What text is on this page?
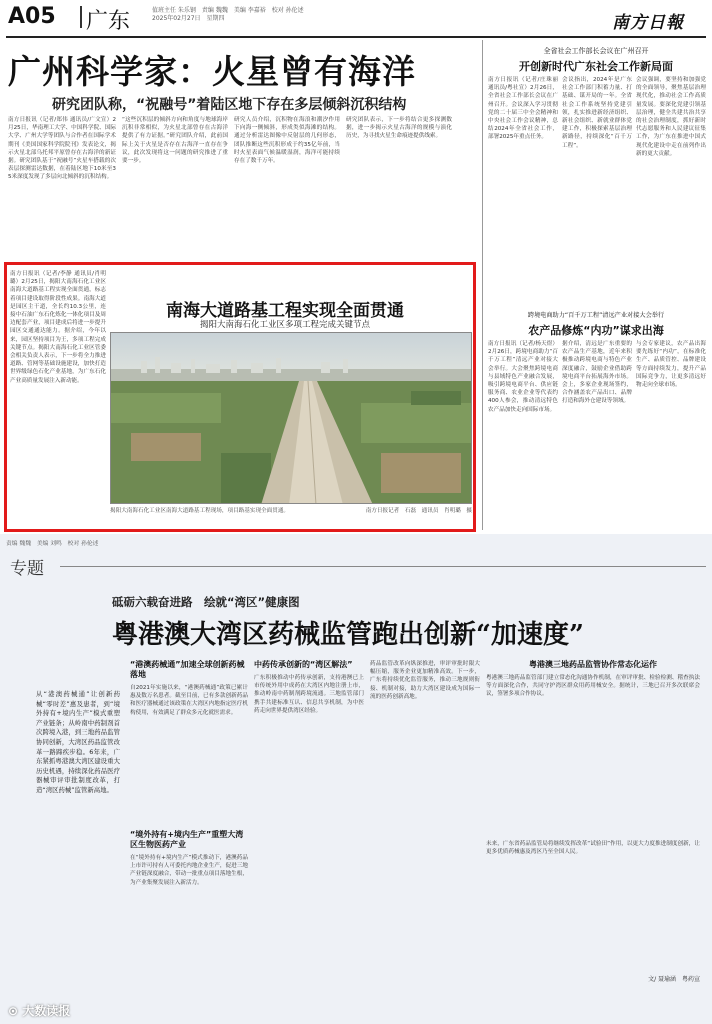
A05 广东	值班主任 朱乐钢　责编 魏魏　美编 李嘉裕　校对 孙伦述
2025年02月27日　星期四	南方日報
广州科学家：火星曾有海洋
研究团队称，“祝融号”着陆区地下存在多层倾斜沉积结构
南方日报讯（记者/郑伟 通讯员/广文宣）2月25日，华南理工大学、中国科学院、国际大学、广州大学等团队与合作者在国际学术期刊《美国国家科学院院刊》发表论文，揭示火星北部乌托邦平原曾存在古海洋的新证据。研究团队基于“祝融号”火星车搭载的次表层探测雷达数据，在着陆区地下10米至35米深度发现了多层向北倾斜的沉积结构。
“这些沉积层的倾斜方向和角度与地球海岸沉积非常相似，为火星北部曾存在古海洋提供了有力证据。”研究团队介绍，此前国际上关于火星是否存在古海洋一直存在争议，此次发现将这一问题的研究推进了重要一步。
研究人员介绍，沉积物在海浪和潮汐作用下向海一侧倾斜，形成类似海滩的结构。通过分析雷达图像中反射层的几何形态，团队推断这些沉积形成于约35亿年前，当时火星表面气候温暖湿润，海洋可能持续存在了数千万年。
研究团队表示，下一步将结合更多探测数据，进一步揭示火星古海洋的规模与演化历史，为寻找火星生命痕迹提供线索。
全省社会工作部长会议在广州召开
开创新时代广东社会工作新局面
南方日报讯（记者/庄珠丽 通讯员/粤社宣）2月26日，全省社会工作部长会议在广州召开。会议深入学习贯彻党的二十届三中全会精神和中央社会工作会议精神，总结2024年全省社会工作，部署2025年重点任务。
会议指出，2024年是广东社会工作部门积蓄力量、打基础、谋开局的一年。全省社会工作系统坚持党建引领，扎实推进新经济组织、新社会组织、新就业群体党建工作，积极探索基层治理新路径，持续深化“百千万工程”。
会议强调，要坚持和加强党的全面领导，聚焦基层治理现代化，推动社会工作高质量发展。要深化党建引领基层治理，健全共建共治共享的社会治理制度，抓好新时代志愿服务和人民建议征集工作，为广东在推进中国式现代化建设中走在前列作出新的更大贡献。
南海大道路基工程实现全面贯通
揭阳大南海石化工业区多项工程完成关键节点
南方日报讯（记者/李静 通讯员/肖明璐）2月25日，揭阳大南海石化工业区南海大道路基工程实现全面贯通，标志着项目建设取得阶段性成果。南海大道是园区主干道，全长约10.3公里，连接中石油广东石化炼化一体化项目及周边配套产业，项目建成后将进一步提升园区交通通达能力。据介绍，今年以来，园区坚持项目为王，多项工程完成关键节点。揭阳大南海石化工业区管委会相关负责人表示，下一步将全力推进道路、管网等基础设施建设，加快打造世界级绿色石化产业基地，为广东石化产业高质量发展注入新动能。
揭阳大南海石化工业区南海大道路基工程现场，项目路基实现全面贯通。	南方日报记者　石磊　通讯员　肖明璐　摄
跨境电商助力“百千万工程”清远产业对接大会举行
农产品修炼“内功”谋求出海
南方日报讯（记者/杨天煜）2月26日，跨境电商助力“百千万工程”清远产业对接大会举行。大会聚焦跨境电商与县域特色产业融合发展，吸引跨境电商平台、供应链服务商、农业企业等代表约400人参会，推动清远特色农产品加快走向国际市场。
据介绍，清远是广东重要的农产品生产基地，近年来积极推动跨境电商与特色产业深度融合，鼓励企业借助跨境电商平台拓展海外市场。会上，多家企业现场签约，合作涵盖农产品出口、品牌打造和海外仓建设等领域。
与会专家建议，农产品出海要先练好“内功”，在标准化生产、品质管控、品牌建设等方面持续发力，提升产品国际竞争力，让更多清远好物走向全球市场。
责编 魏魏　美编 刘鸣　校对 孙伦述
专题
砥砺六载奋进路　绘就“湾区”健康图
粤港澳大湾区药械监管跑出创新“加速度”
从“港澳药械通”让创新药械“零时差”惠及患者，到“境外持有+境内生产”模式重塑产业链条；从岭南中药制剂首次跨境入港，到三地药品监管协同创新，大湾区药品监管改革一路蹄疾步稳。6年来，广东紧抓粤港澳大湾区建设重大历史机遇，持续深化药品医疗器械审评审批制度改革，打造“湾区药械”监管新高地。
“港澳药械通”加速全球创新药械落地
自2021年实施以来，“港澳药械通”政策已累计惠及数万名患者。截至目前，已有多款创新药品和医疗器械通过该政策在大湾区内地指定医疗机构使用，有效满足了群众多元化就医需求。
“境外持有+境内生产”重塑大湾区生物医药产业
在“境外持有+境内生产”模式推动下，港澳药品上市许可持有人可委托内地企业生产，促进三地产业链深度融合，带动一批重点项目落地生根，为产业集聚发展注入新活力。
中药传承创新的“湾区解法”
广东积极推动中药传承创新，支持港澳已上市传统外用中成药在大湾区内地注册上市，推动岭南中药制剂跨境流通。三地监管部门携手共建标准互认、信息共享机制，为中医药走向世界提供湾区经验。
药品监管改革向纵深推进，审评审批时限大幅压缩，服务企业更加精准高效。下一步，广东将持续优化监管服务，推动三地规则衔接、机制对接，助力大湾区建设成为国际一流的医药创新高地。
粤港澳三地药品监管协作常态化运作
粤港澳三地药品监管部门建立常态化沟通协作机制，在审评审批、检验检测、稽查执法等方面深化合作，共同守护湾区群众用药用械安全。据统计，三地已召开多次联席会议，签署多项合作协议。
未来，广东省药品监管局将继续发挥改革“试验田”作用，以更大力度推进制度创新，让更多优质药械惠及湾区乃至全国人民。
文/ 聂瑜涵　粤药宣
⊙ 大数读报
